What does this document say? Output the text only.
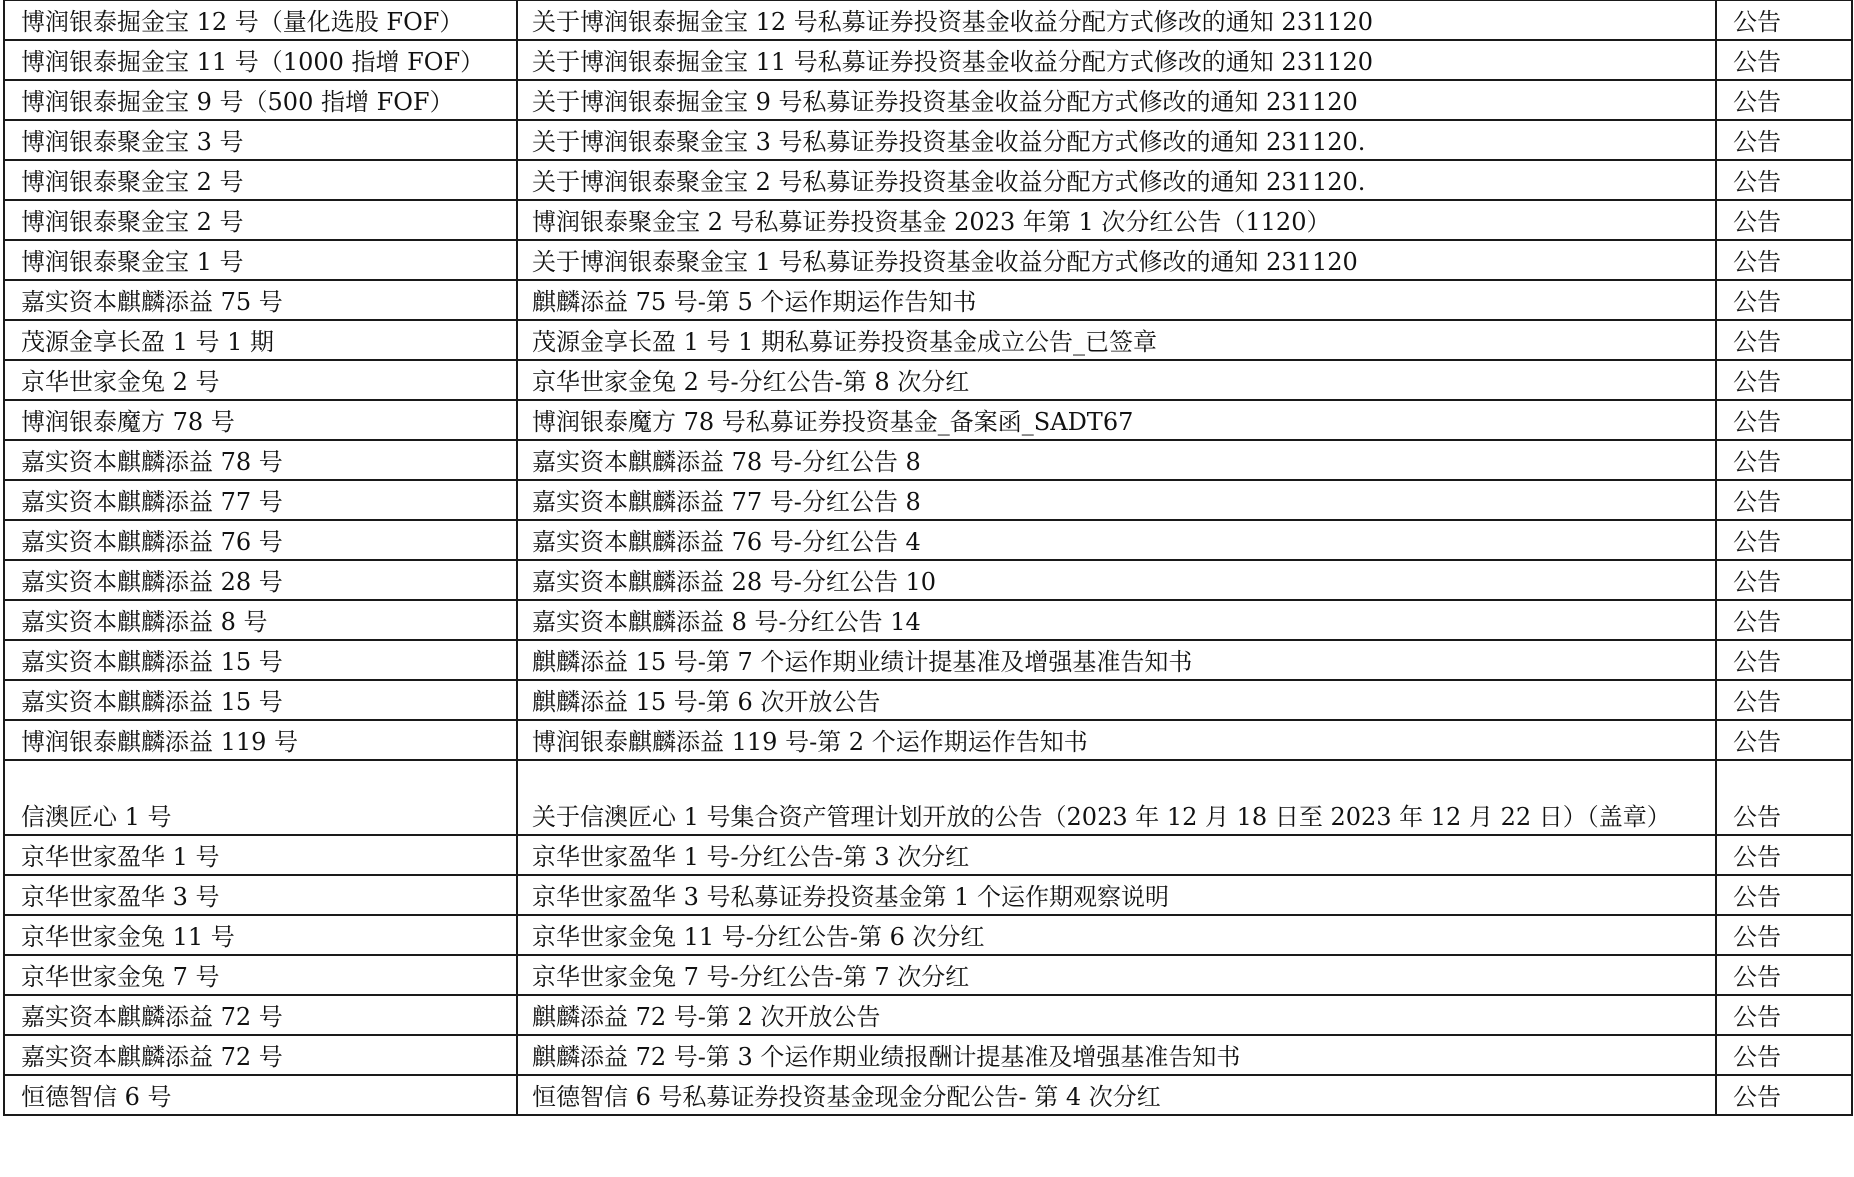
博润银泰掘金宝 12 号（量化选股 FOF）	关于博润银泰掘金宝 12 号私募证券投资基金收益分配方式修改的通知 231120	公告
博润银泰掘金宝 11 号（1000 指增 FOF）	关于博润银泰掘金宝 11 号私募证券投资基金收益分配方式修改的通知 231120	公告
博润银泰掘金宝 9 号（500 指增 FOF）	关于博润银泰掘金宝 9 号私募证券投资基金收益分配方式修改的通知 231120	公告
博润银泰聚金宝 3 号	关于博润银泰聚金宝 3 号私募证券投资基金收益分配方式修改的通知 231120.	公告
博润银泰聚金宝 2 号	关于博润银泰聚金宝 2 号私募证券投资基金收益分配方式修改的通知 231120.	公告
博润银泰聚金宝 2 号	博润银泰聚金宝 2 号私募证券投资基金 2023 年第 1 次分红公告（1120）	公告
博润银泰聚金宝 1 号	关于博润银泰聚金宝 1 号私募证券投资基金收益分配方式修改的通知 231120	公告
嘉实资本麒麟添益 75 号	麒麟添益 75 号-第 5 个运作期运作告知书	公告
茂源金享长盈 1 号 1 期	茂源金享长盈 1 号 1 期私募证券投资基金成立公告_已签章	公告
京华世家金兔 2 号	京华世家金兔 2 号-分红公告-第 8 次分红	公告
博润银泰魔方 78 号	博润银泰魔方 78 号私募证券投资基金_备案函_SADT67	公告
嘉实资本麒麟添益 78 号	嘉实资本麒麟添益 78 号-分红公告 8	公告
嘉实资本麒麟添益 77 号	嘉实资本麒麟添益 77 号-分红公告 8	公告
嘉实资本麒麟添益 76 号	嘉实资本麒麟添益 76 号-分红公告 4	公告
嘉实资本麒麟添益 28 号	嘉实资本麒麟添益 28 号-分红公告 10	公告
嘉实资本麒麟添益 8 号	嘉实资本麒麟添益 8 号-分红公告 14	公告
嘉实资本麒麟添益 15 号	麒麟添益 15 号-第 7 个运作期业绩计提基准及增强基准告知书	公告
嘉实资本麒麟添益 15 号	麒麟添益 15 号-第 6 次开放公告	公告
博润银泰麒麟添益 119 号	博润银泰麒麟添益 119 号-第 2 个运作期运作告知书	公告
信澳匠心 1 号	关于信澳匠心 1 号集合资产管理计划开放的公告（2023 年 12 月 18 日至 2023 年 12 月 22 日）（盖章）	公告
京华世家盈华 1 号	京华世家盈华 1 号-分红公告-第 3 次分红	公告
京华世家盈华 3 号	京华世家盈华 3 号私募证券投资基金第 1 个运作期观察说明	公告
京华世家金兔 11 号	京华世家金兔 11 号-分红公告-第 6 次分红	公告
京华世家金兔 7 号	京华世家金兔 7 号-分红公告-第 7 次分红	公告
嘉实资本麒麟添益 72 号	麒麟添益 72 号-第 2 次开放公告	公告
嘉实资本麒麟添益 72 号	麒麟添益 72 号-第 3 个运作期业绩报酬计提基准及增强基准告知书	公告
恒德智信 6 号	恒德智信 6 号私募证券投资基金现金分配公告- 第 4 次分红	公告
